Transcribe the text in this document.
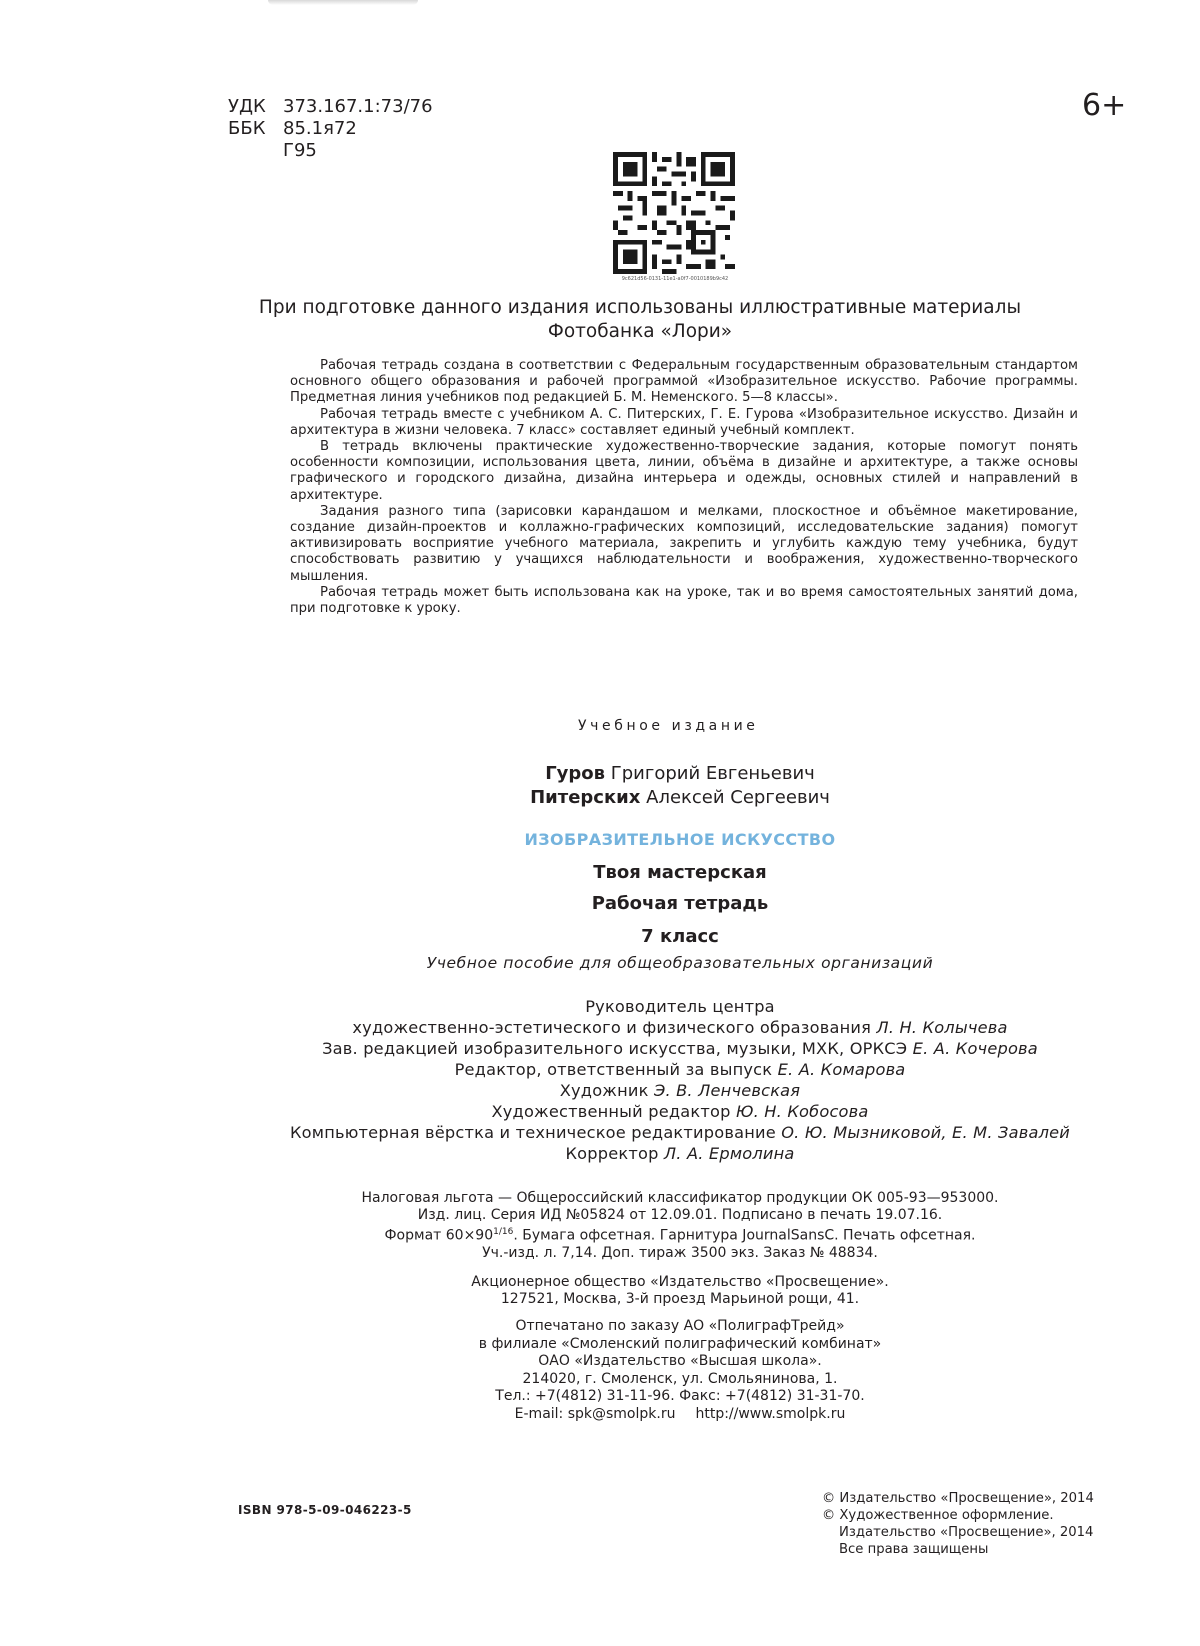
УДК 373.167.1:73/76
ББК 85.1я72
Г95
6+
9c621d56-0131-11e1-a0f7-0010189b9c42
При подготовке данного издания использованы иллюстративные материалы
Фотобанка «Лори»

Рабочая тетрадь создана в соответствии с Федеральным государственным образовательным стандартом основного общего образования и рабочей программой «Изобразительное искусство. Рабочие программы. Предметная линия учебников под редакцией Б. М. Неменского. 5—8 классы».

Рабочая тетрадь вместе с учебником А. С. Питерских, Г. Е. Гурова «Изобразительное искусство. Дизайн и архитектура в жизни человека. 7 класс» составляет единый учебный комплект.

В тетрадь включены практические художественно-творческие задания, которые помогут понять особенности композиции, использования цвета, линии, объёма в дизайне и архитектуре, а также основы графического и городского дизайна, дизайна интерьера и одежды, основных стилей и направлений в архитектуре.

Задания разного типа (зарисовки карандашом и мелками, плоскостное и объёмное макетирование, создание дизайн-проектов и коллажно-графических композиций, исследовательские задания) помогут активизировать восприятие учебного материала, закрепить и углубить каждую тему учебника, будут способствовать развитию у учащихся наблюдательности и воображения, художественно-творческого мышления.

Рабочая тетрадь может быть использована как на уроке, так и во время самостоятельных занятий дома, при подготовке к уроку.

Учебное издание
Гуров Григорий Евгеньевич
Питерских Алексей Сергеевич
ИЗОБРАЗИТЕЛЬНОЕ ИСКУССТВО
Твоя мастерская
Рабочая тетрадь
7 класс
Учебное пособие для общеобразовательных организаций
Руководитель центра
художественно-эстетического и физического образования Л. Н. Колычева
Зав. редакцией изобразительного искусства, музыки, МХК, ОРКСЭ Е. А. Кочерова
Редактор, ответственный за выпуск Е. А. Комарова
Художник Э. В. Ленчевская
Художественный редактор Ю. Н. Кобосова
Компьютерная вёрстка и техническое редактирование О. Ю. Мызниковой, Е. М. Завалей
Корректор Л. А. Ермолина
Налоговая льгота — Общероссийский классификатор продукции ОК 005-93—953000.
Изд. лиц. Серия ИД №05824 от 12.09.01. Подписано в печать 19.07.16.
Формат 60×901/16. Бумага офсетная. Гарнитура JournalSansC. Печать офсетная.
Уч.-изд. л. 7,14. Доп. тираж 3500 экз. Заказ № 48834.
Акционерное общество «Издательство «Просвещение».
127521, Москва, 3-й проезд Марьиной рощи, 41.
Отпечатано по заказу АО «ПолиграфТрейд»
в филиале «Смоленский полиграфический комбинат»
ОАО «Издательство «Высшая школа».
214020, г. Смоленск, ул. Смольянинова, 1.
Тел.: +7(4812) 31-11-96. Факс: +7(4812) 31-31-70.
E-mail: spk@smolpk.ru http://www.smolpk.ru
ISBN 978-5-09-046223-5
© Издательство «Просвещение», 2014
© Художественное оформление.
Издательство «Просвещение», 2014
Все права защищены
